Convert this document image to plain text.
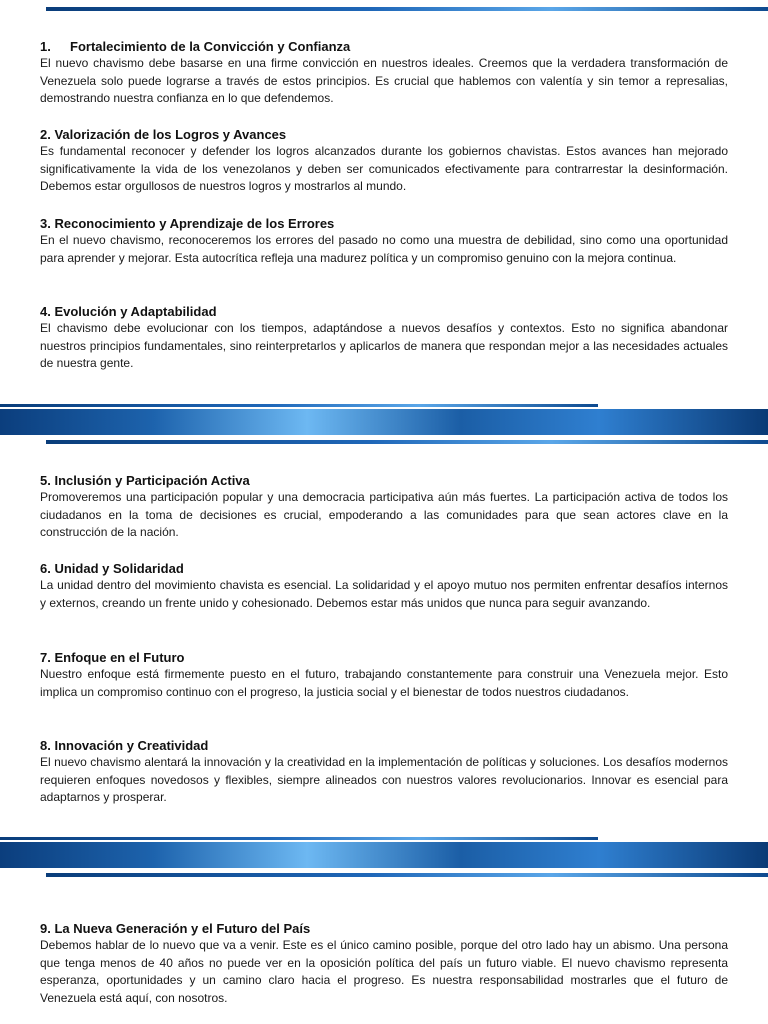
1. Fortalecimiento de la Convicción y Confianza

El nuevo chavismo debe basarse en una firme convicción en nuestros ideales. Creemos que la verdadera transformación de Venezuela solo puede lograrse a través de estos principios. Es crucial que hablemos con valentía y sin temor a represalias, demostrando nuestra confianza en lo que defendemos.

2. Valorización de los Logros y Avances

Es fundamental reconocer y defender los logros alcanzados durante los gobiernos chavistas. Estos avances han mejorado significativamente la vida de los venezolanos y deben ser comunicados efectivamente para contrarrestar la desinformación. Debemos estar orgullosos de nuestros logros y mostrarlos al mundo.

3. Reconocimiento y Aprendizaje de los Errores

En el nuevo chavismo, reconoceremos los errores del pasado no como una muestra de debilidad, sino como una oportunidad para aprender y mejorar. Esta autocrítica refleja una madurez política y un compromiso genuino con la mejora continua.

4. Evolución y Adaptabilidad

El chavismo debe evolucionar con los tiempos, adaptándose a nuevos desafíos y contextos. Esto no significa abandonar nuestros principios fundamentales, sino reinterpretarlos y aplicarlos de manera que respondan mejor a las necesidades actuales de nuestra gente.

5. Inclusión y Participación Activa

Promoveremos una participación popular y una democracia participativa aún más fuertes. La participación activa de todos los ciudadanos en la toma de decisiones es crucial, empoderando a las comunidades para que sean actores clave en la construcción de la nación.

6. Unidad y Solidaridad

La unidad dentro del movimiento chavista es esencial. La solidaridad y el apoyo mutuo nos permiten enfrentar desafíos internos y externos, creando un frente unido y cohesionado. Debemos estar más unidos que nunca para seguir avanzando.

7. Enfoque en el Futuro

Nuestro enfoque está firmemente puesto en el futuro, trabajando constantemente para construir una Venezuela mejor. Esto implica un compromiso continuo con el progreso, la justicia social y el bienestar de todos nuestros ciudadanos.

8. Innovación y Creatividad

El nuevo chavismo alentará la innovación y la creatividad en la implementación de políticas y soluciones. Los desafíos modernos requieren enfoques novedosos y flexibles, siempre alineados con nuestros valores revolucionarios. Innovar es esencial para adaptarnos y prosperar.

9. La Nueva Generación y el Futuro del País

Debemos hablar de lo nuevo que va a venir. Este es el único camino posible, porque del otro lado hay un abismo. Una persona que tenga menos de 40 años no puede ver en la oposición política del país un futuro viable. El nuevo chavismo representa esperanza, oportunidades y un camino claro hacia el progreso. Es nuestra responsabilidad mostrarles que el futuro de Venezuela está aquí, con nosotros.
